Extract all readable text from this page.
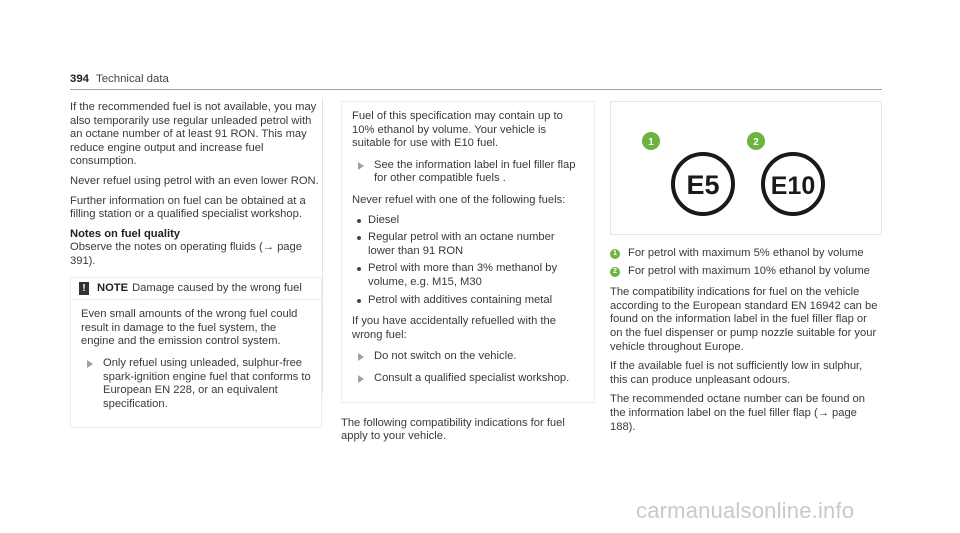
394 Technical data

If the recommended fuel is not available, you may also temporarily use regular unleaded petrol with an octane number of at least 91 RON. This may reduce engine output and increase fuel consumption.

Never refuel using petrol with an even lower RON.

Further information on fuel can be obtained at a filling station or a qualified specialist workshop.

Notes on fuel quality

Observe the notes on operating fluids (→ page 391).

! NOTE Damage caused by the wrong fuel

Even small amounts of the wrong fuel could result in damage to the fuel system, the engine and the emission control system.

Only refuel using unleaded, sulphur-free spark-ignition engine fuel that conforms to European EN 228, or an equivalent specification.

Fuel of this specification may contain up to 10% ethanol by volume. Your vehicle is suitable for use with E10 fuel.

See the information label in fuel filler flap for other compatible fuels .

Never refuel with one of the following fuels:

Diesel
Regular petrol with an octane number lower than 91 RON
Petrol with more than 3% methanol by volume, e.g. M15, M30
Petrol with additives containing metal

If you have accidentally refuelled with the wrong fuel:

Do not switch on the vehicle.
Consult a qualified specialist workshop.

The following compatibility indications for fuel apply to your vehicle.

E5 E10
1	2
1 For petrol with maximum 5% ethanol by volume
2 For petrol with maximum 10% ethanol by volume

The compatibility indications for fuel on the vehicle according to the European standard EN 16942 can be found on the information label in the fuel filler flap or on the fuel dispenser or pump nozzle suitable for your vehicle throughout Europe.

If the available fuel is not sufficiently low in sulphur, this can produce unpleasant odours.

The recommended octane number can be found on the information label on the fuel filler flap (→ page 188).

carmanualsonline.info
